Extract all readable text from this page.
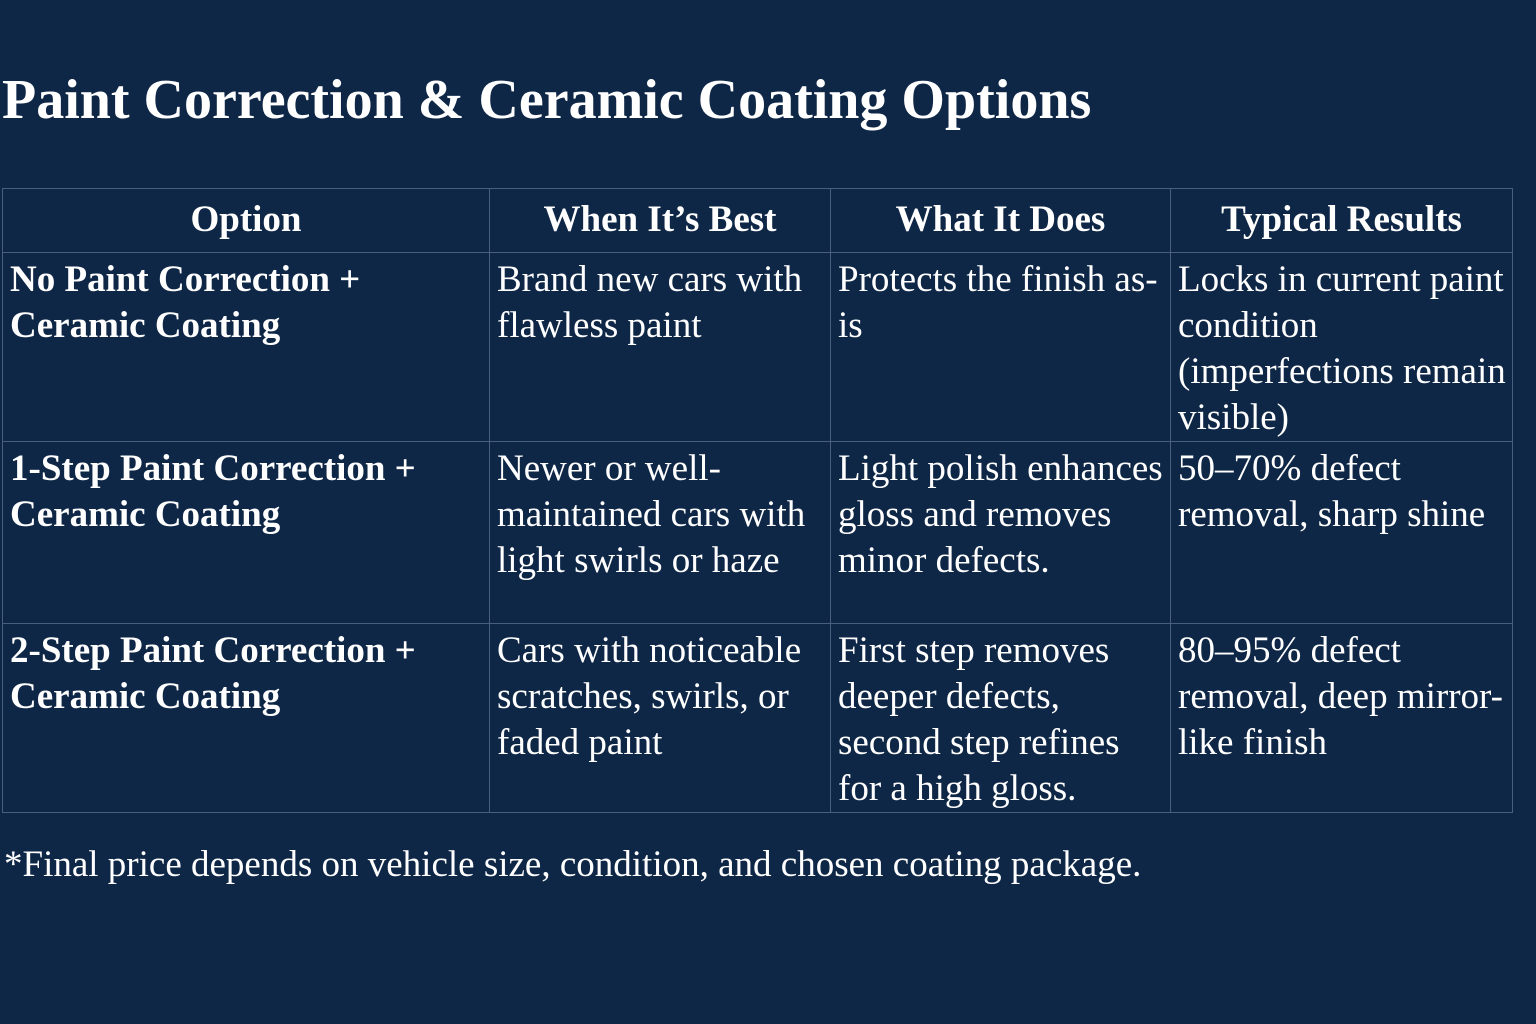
Paint Correction & Ceramic Coating Options
Option	When It’s Best	What It Does	Typical Results
No Paint Correction + Ceramic Coating	Brand new cars with flawless paint	Protects the finish as-is	Locks in current paint condition (imperfections remain visible)
1-Step Paint Correction + Ceramic Coating	Newer or well-maintained cars with light swirls or haze	Light polish enhances gloss and removes minor defects.	50–70% defect removal, sharp shine
2-Step Paint Correction + Ceramic Coating	Cars with noticeable scratches, swirls, or faded paint	First step removes deeper defects, second step refines for a high gloss.	80–95% defect removal, deep mirror-like finish

*Final price depends on vehicle size, condition, and chosen coating package.
